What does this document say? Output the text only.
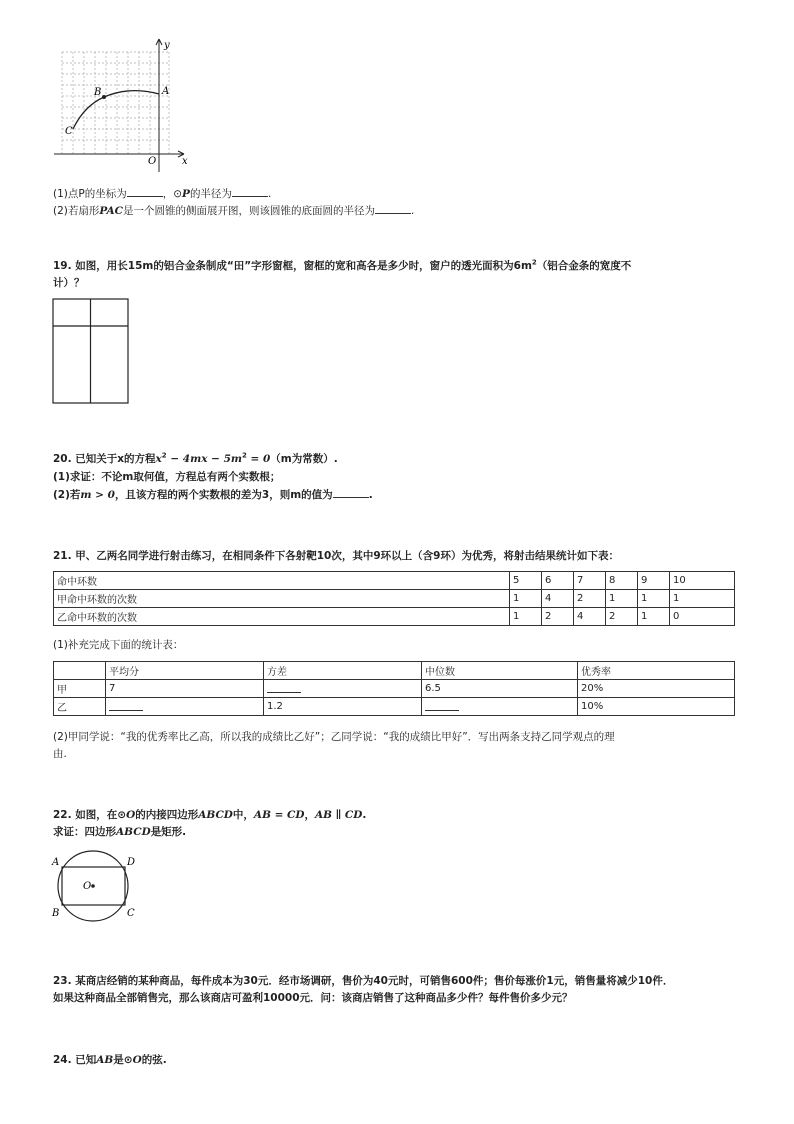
y
x
O
A
B
C
(1)点P的坐标为	，⊙P的半径为	.
(2)若扇形PAC是一个圆锥的侧面展开图，则该圆锥的底面圆的半径为	.
19. 如图，用长15m的铝合金条制成“田”字形窗框，窗框的宽和高各是多少时，窗户的透光面积为$6m^2$（铝合金条的宽度不
计）？
20. 已知关于x的方程$x^2 - 4mx - 5m^2 = 0(m$为常数）.
(1)求证：不论m取何值，方程总有两个实数根；
(2)若m > 0，且该方程的两个实数根的差为3，则m的值为	.
21. 甲、乙两名同学进行射击练习，在相同条件下各射靶10次，其中9环以上（含9环）为优秀，将射击结果统计如下表：
命中环数	5	6	7	8	9	10
甲命中环数的次数	1	4	2	1	1	1
乙命中环数的次数	1	2	4	2	1	0
(1)补充完成下面的统计表：
	平均分	方差	中位数	优秀率
甲	7		6.5	20%
乙		1.2		10%
(2)甲同学说：“我的优秀率比乙高，所以我的成绩比乙好”；乙同学说：“我的成绩比甲好”．写出两条支持乙同学观点的理
由.
22. 如图，在⊙O的内接四边形ABCD中，AB = CD，AB ∥ CD.
求证：四边形ABCD是矩形.
A	D
B	C
O
23. 某商店经销的某种商品，每件成本为30元．经市场调研，售价为40元时，可销售600件；售价每涨价1元，销售量将减少10件．
如果这种商品全部销售完，那么该商店可盈利10000元．问：该商店销售了这种商品多少件？每件售价多少元？
24. 已知AB是⊙O的弦.
